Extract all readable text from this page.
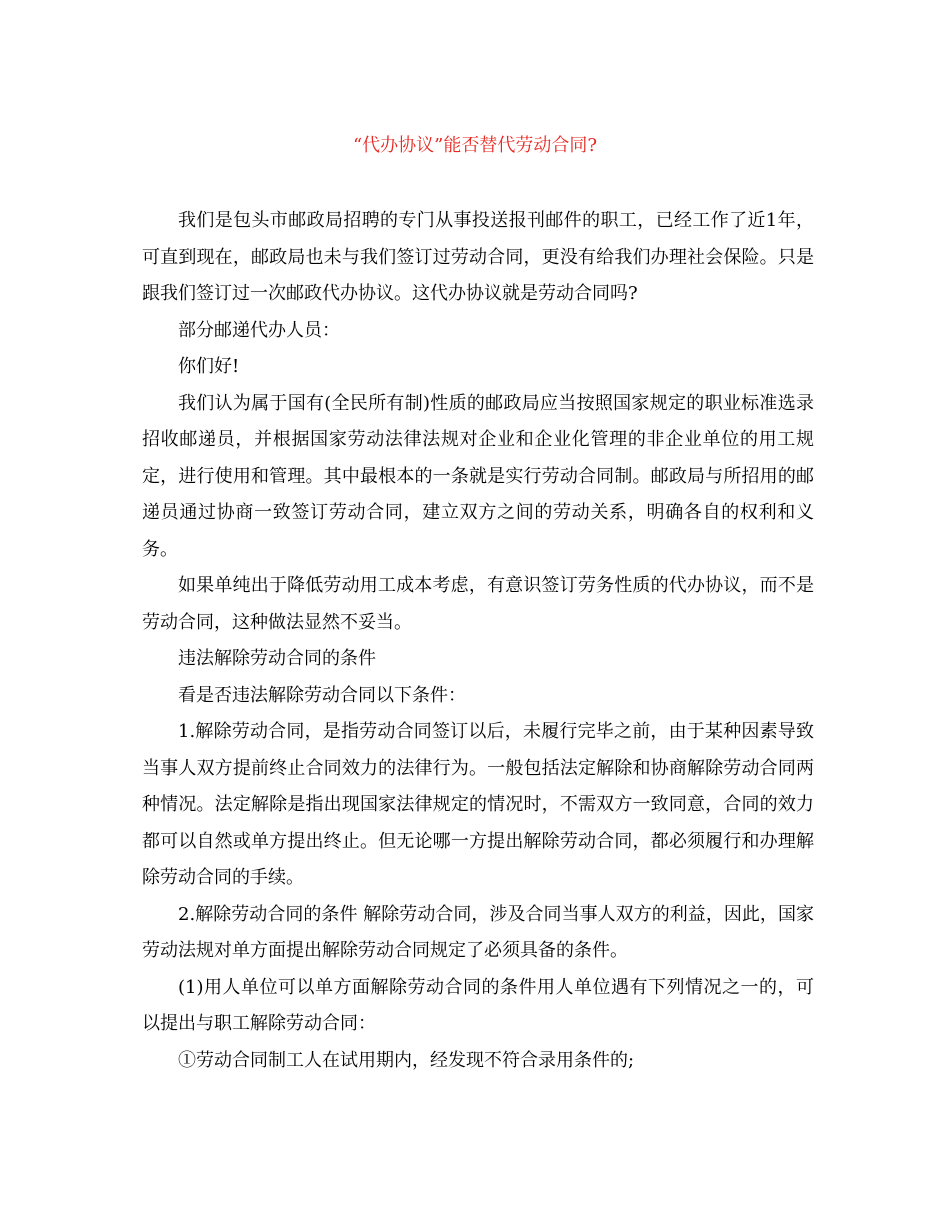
“代办协议”能否替代劳动合同?

我们是包头市邮政局招聘的专门从事投送报刊邮件的职工，已经工作了近1年，可直到现在，邮政局也未与我们签订过劳动合同，更没有给我们办理社会保险。只是跟我们签订过一次邮政代办协议。这代办协议就是劳动合同吗?

部分邮递代办人员：

你们好!

我们认为属于国有(全民所有制)性质的邮政局应当按照国家规定的职业标准选录招收邮递员，并根据国家劳动法律法规对企业和企业化管理的非企业单位的用工规定，进行使用和管理。其中最根本的一条就是实行劳动合同制。邮政局与所招用的邮递员通过协商一致签订劳动合同，建立双方之间的劳动关系，明确各自的权利和义务。

如果单纯出于降低劳动用工成本考虑，有意识签订劳务性质的代办协议，而不是劳动合同，这种做法显然不妥当。

违法解除劳动合同的条件

看是否违法解除劳动合同以下条件：

1.解除劳动合同，是指劳动合同签订以后，未履行完毕之前，由于某种因素导致当事人双方提前终止合同效力的法律行为。一般包括法定解除和协商解除劳动合同两种情况。法定解除是指出现国家法律规定的情况时，不需双方一致同意，合同的效力都可以自然或单方提出终止。但无论哪一方提出解除劳动合同，都必须履行和办理解除劳动合同的手续。

2.解除劳动合同的条件 解除劳动合同，涉及合同当事人双方的利益，因此，国家劳动法规对单方面提出解除劳动合同规定了必须具备的条件。

(1)用人单位可以单方面解除劳动合同的条件用人单位遇有下列情况之一的，可以提出与职工解除劳动合同：

①劳动合同制工人在试用期内，经发现不符合录用条件的;
